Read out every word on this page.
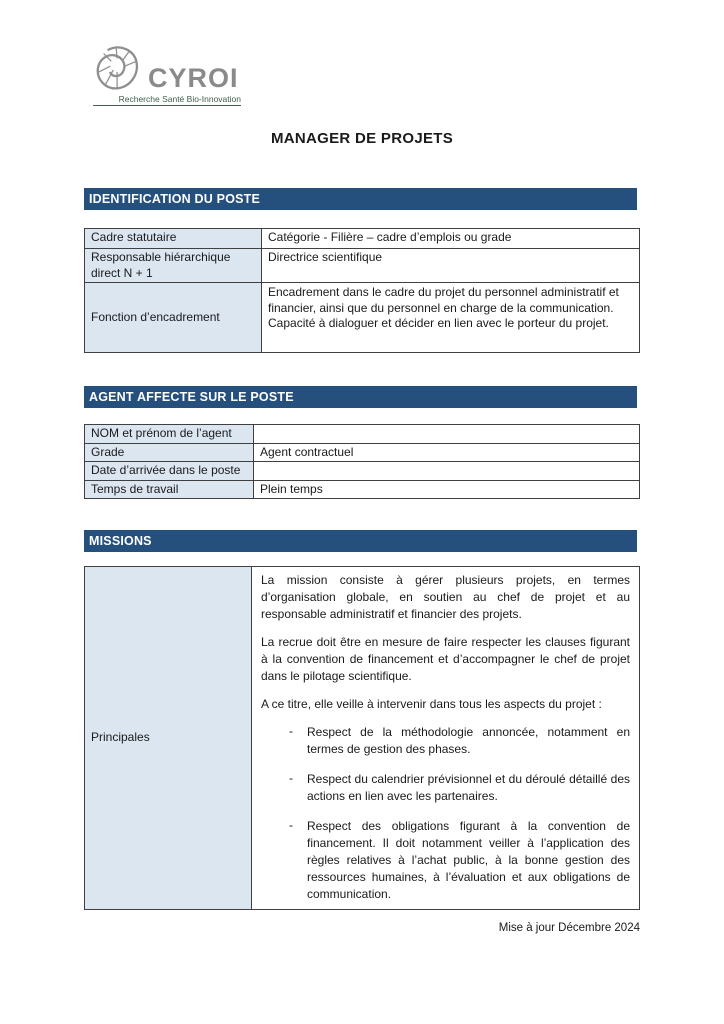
CYROI
Recherche Santé Bio-Innovation
MANAGER DE PROJETS
IDENTIFICATION DU POSTE
Cadre statutaire	Catégorie - Filière – cadre d’emplois ou grade
Responsable hiérarchique direct N + 1	Directrice scientifique
Fonction d’encadrement	Encadrement dans le cadre du projet du personnel administratif et financier, ainsi que du personnel en charge de la communication. Capacité à dialoguer et décider en lien avec le porteur du projet.
AGENT AFFECTE SUR LE POSTE
NOM et prénom de l’agent	
Grade	Agent contractuel
Date d’arrivée dans le poste	
Temps de travail	Plein temps
MISSIONS
Principales	

La mission consiste à gérer plusieurs projets, en termes d’organisation globale, en soutien au chef de projet et au responsable administratif et financier des projets.

La recrue doit être en mesure de faire respecter les clauses figurant à la convention de financement et d’accompagner le chef de projet dans le pilotage scientifique.

A ce titre, elle veille à intervenir dans tous les aspects du projet :

-	Respect de la méthodologie annoncée, notamment en termes de gestion des phases.
-	Respect du calendrier prévisionnel et du déroulé détaillé des actions en lien avec les partenaires.
-	Respect des obligations figurant à la convention de financement. Il doit notamment veiller à l’application des règles relatives à l’achat public, à la bonne gestion des ressources humaines, à l’évaluation et aux obligations de communication.
Mise à jour Décembre 2024
